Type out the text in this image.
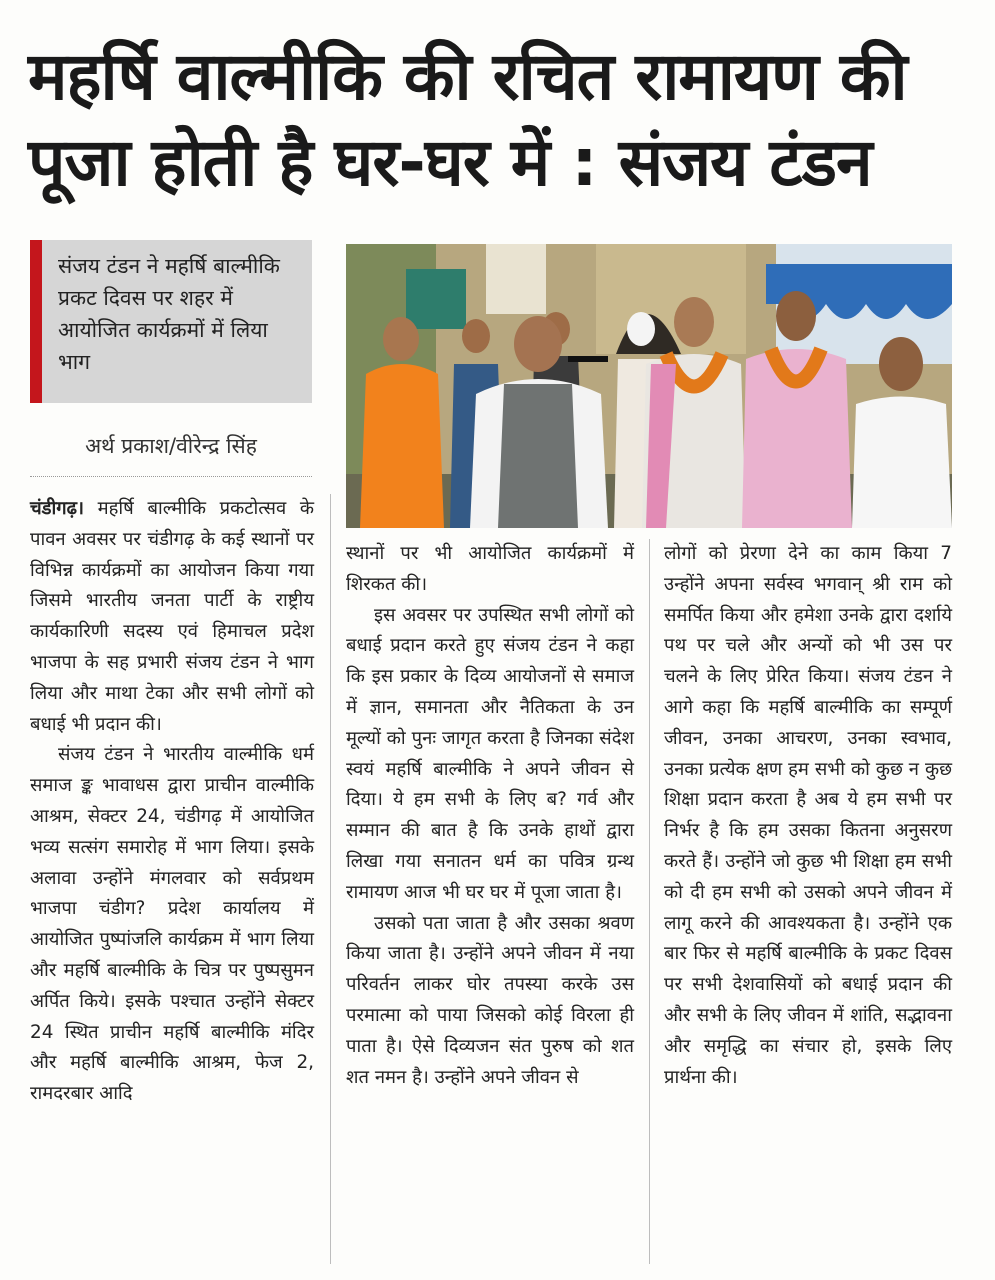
महर्षि वाल्मीकि की रचित रामायण की
पूजा होती है घर-घर में : संजय टंडन

संजय टंडन ने महर्षि बाल्मीकि प्रकट दिवस पर शहर में आयोजित कार्यक्रमों में लिया भाग

अर्थ प्रकाश/वीरेन्द्र सिंह

चंडीगढ़। महर्षि बाल्मीकि प्रकटोत्सव के पावन अवसर पर चंडीगढ़ के कई स्थानों पर विभिन्न कार्यक्रमों का आयोजन किया गया जिसमे भारतीय जनता पार्टी के राष्ट्रीय कार्यकारिणी सदस्य एवं हिमाचल प्रदेश भाजपा के सह प्रभारी संजय टंडन ने भाग लिया और माथा टेका और सभी लोगों को बधाई भी प्रदान की।

संजय टंडन ने भारतीय वाल्मीकि धर्म समाज ङ्क भावाधस द्वारा प्राचीन वाल्मीकि आश्रम, सेक्टर 24, चंडीगढ़ में आयोजित भव्य सत्संग समारोह में भाग लिया। इसके अलावा उन्होंने मंगलवार को सर्वप्रथम भाजपा चंडीग? प्रदेश कार्यालय में आयोजित पुष्पांजलि कार्यक्रम में भाग लिया और महर्षि बाल्मीकि के चित्र पर पुष्पसुमन अर्पित किये। इसके पश्चात उन्होंने सेक्टर 24 स्थित प्राचीन महर्षि बाल्मीकि मंदिर और महर्षि बाल्मीकि आश्रम, फेज 2, रामदरबार आदि

स्थानों पर भी आयोजित कार्यक्रमों में शिरकत की।

इस अवसर पर उपस्थित सभी लोगों को बधाई प्रदान करते हुए संजय टंडन ने कहा कि इस प्रकार के दिव्य आयोजनों से समाज में ज्ञान, समानता और नैतिकता के उन मूल्यों को पुनः जागृत करता है जिनका संदेश स्वयं महर्षि बाल्मीकि ने अपने जीवन से दिया। ये हम सभी के लिए ब? गर्व और सम्मान की बात है कि उनके हाथों द्वारा लिखा गया सनातन धर्म का पवित्र ग्रन्थ रामायण आज भी घर घर में पूजा जाता है।

उसको पता जाता है और उसका श्रवण किया जाता है। उन्होंने अपने जीवन में नया परिवर्तन लाकर घोर तपस्या करके उस परमात्मा को पाया जिसको कोई विरला ही पाता है। ऐसे दिव्यजन संत पुरुष को शत शत नमन है। उन्होंने अपने जीवन से

लोगों को प्रेरणा देने का काम किया 7 उन्होंने अपना सर्वस्व भगवान् श्री राम को समर्पित किया और हमेशा उनके द्वारा दर्शाये पथ पर चले और अन्यों को भी उस पर चलने के लिए प्रेरित किया। संजय टंडन ने आगे कहा कि महर्षि बाल्मीकि का सम्पूर्ण जीवन, उनका आचरण, उनका स्वभाव, उनका प्रत्येक क्षण हम सभी को कुछ न कुछ शिक्षा प्रदान करता है अब ये हम सभी पर निर्भर है कि हम उसका कितना अनुसरण करते हैं। उन्होंने जो कुछ भी शिक्षा हम सभी को दी हम सभी को उसको अपने जीवन में लागू करने की आवश्यकता है। उन्होंने एक बार फिर से महर्षि बाल्मीकि के प्रकट दिवस पर सभी देशवासियों को बधाई प्रदान की और सभी के लिए जीवन में शांति, सद्भावना और समृद्धि का संचार हो, इसके लिए प्रार्थना की।
